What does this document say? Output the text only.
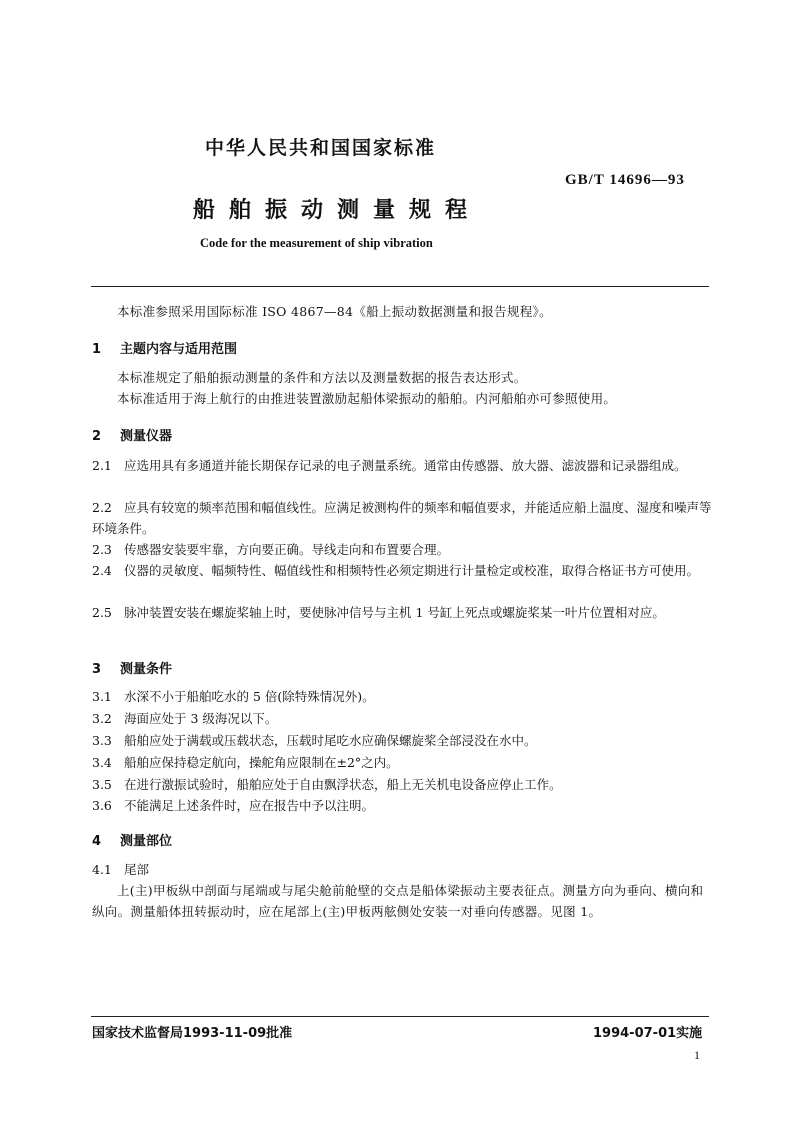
中华人民共和国国家标准
GB/T 14696—93
船舶振动测量规程
Code for the measurement of ship vibration
本标准参照采用国际标准 ISO 4867—84《船上振动数据测量和报告规程》。
1 主题内容与适用范围
本标准规定了船舶振动测量的条件和方法以及测量数据的报告表达形式。
本标准适用于海上航行的由推进装置激励起船体梁振动的船舶。内河船舶亦可参照使用。
2 测量仪器
2.1 应选用具有多通道并能长期保存记录的电子测量系统。通常由传感器、放大器、滤波器和记录器组成。
2.2 应具有较宽的频率范围和幅值线性。应满足被测构件的频率和幅值要求，并能适应船上温度、湿度和噪声等环境条件。
2.3 传感器安装要牢靠，方向要正确。导线走向和布置要合理。
2.4 仪器的灵敏度、幅频特性、幅值线性和相频特性必须定期进行计量检定或校准，取得合格证书方可使用。
2.5 脉冲装置安装在螺旋桨轴上时，要使脉冲信号与主机 1 号缸上死点或螺旋桨某一叶片位置相对应。
3 测量条件
3.1 水深不小于船舶吃水的 5 倍(除特殊情况外)。
3.2 海面应处于 3 级海况以下。
3.3 船舶应处于满载或压载状态，压载时尾吃水应确保螺旋桨全部浸没在水中。
3.4 船舶应保持稳定航向，操舵角应限制在±2°之内。
3.5 在进行激振试验时，船舶应处于自由飘浮状态，船上无关机电设备应停止工作。
3.6 不能满足上述条件时，应在报告中予以注明。
4 测量部位
4.1 尾部
上(主)甲板纵中剖面与尾端或与尾尖舱前舱壁的交点是船体梁振动主要表征点。测量方向为垂向、横向和纵向。测量船体扭转振动时，应在尾部上(主)甲板两舷侧处安装一对垂向传感器。见图 1。
国家技术监督局1993-11-09批准	1994-07-01实施
1
